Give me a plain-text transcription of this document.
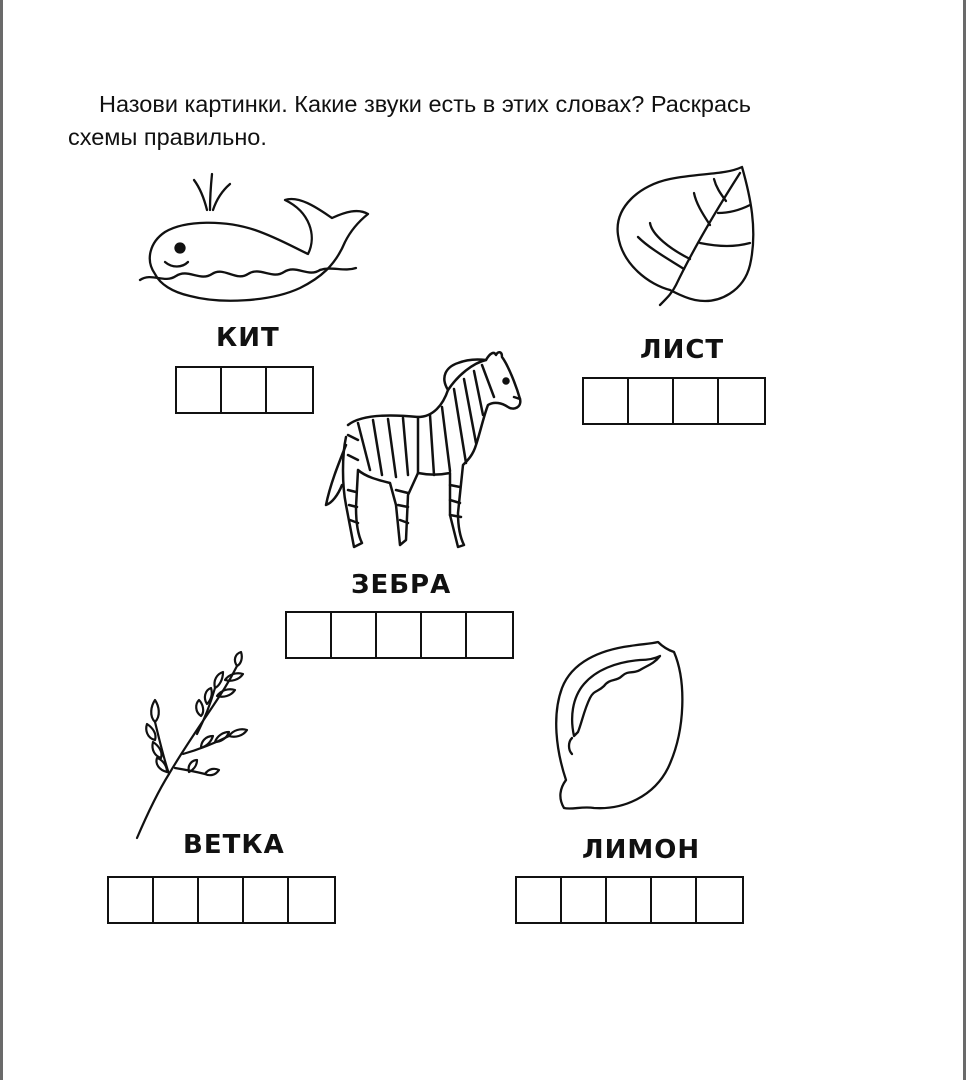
Назови картинки. Какие звуки есть в этих словах? Раскрась
схемы правильно.
КИТ	ЛИСТ
ЗЕБРА
ВЕТКА	ЛИМОН
